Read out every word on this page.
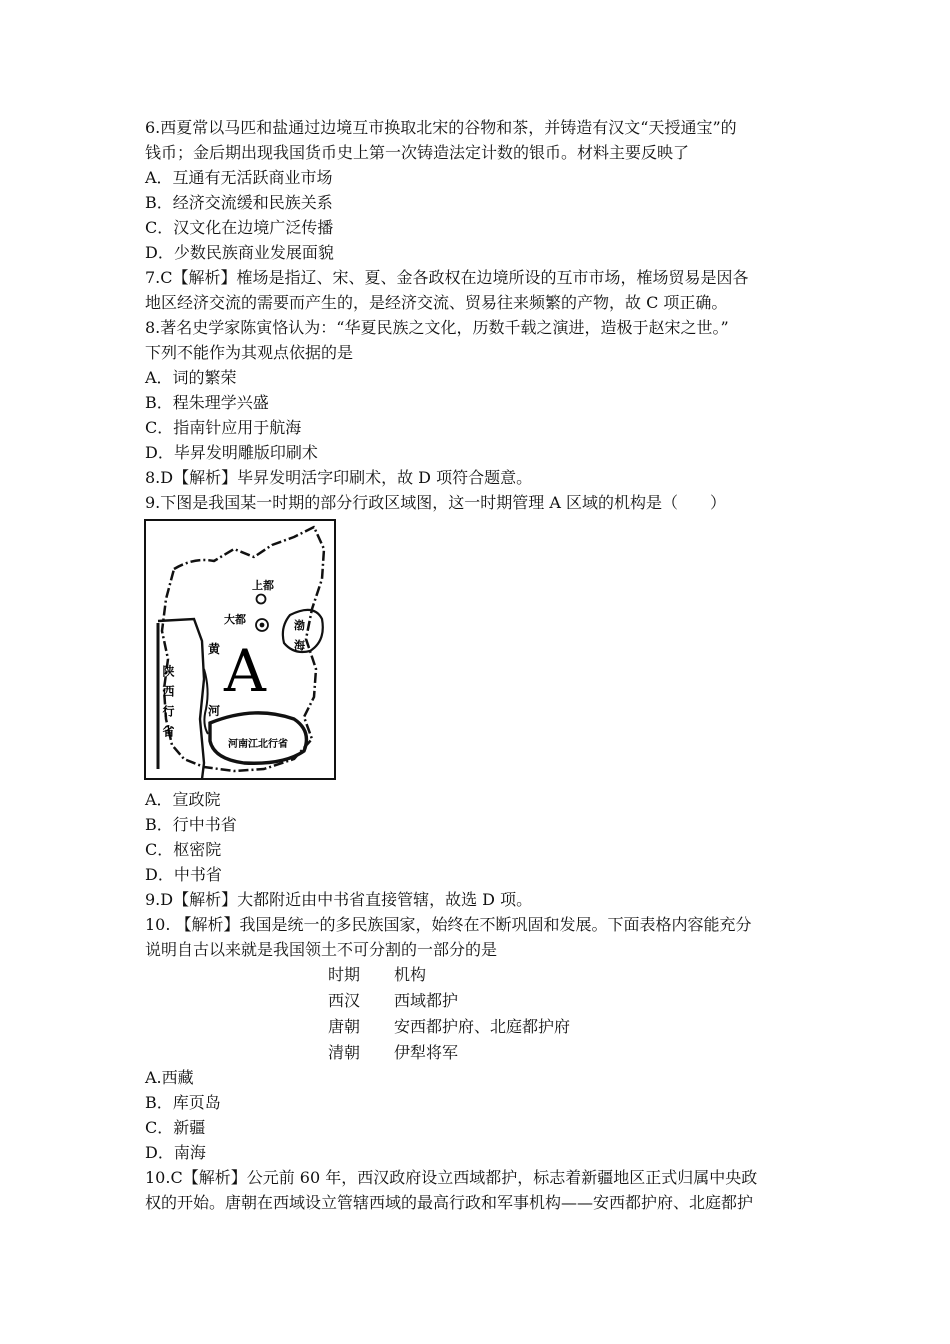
6.西夏常以马匹和盐通过边境互市换取北宋的谷物和茶，并铸造有汉文“天授通宝”的
钱币；金后期出现我国货币史上第一次铸造法定计数的银币。材料主要反映了
A．互通有无活跃商业市场
B．经济交流缓和民族关系
C．汉文化在边境广泛传播
D．少数民族商业发展面貌
7.C【解析】榷场是指辽、宋、夏、金各政权在边境所设的互市市场，榷场贸易是因各
地区经济交流的需要而产生的，是经济交流、贸易往来频繁的产物，故 C 项正确。
8.著名史学家陈寅恪认为：“华夏民族之文化，历数千载之演进，造极于赵宋之世。”
下列不能作为其观点依据的是
A．词的繁荣
B．程朱理学兴盛
C．指南针应用于航海
D．毕昇发明雕版印刷术
8.D【解析】毕昇发明活字印刷术，故 D 项符合题意。
9.下图是我国某一时期的部分行政区域图，这一时期管理 A 区域的机构是（　　）
上都
大都	渤
海
黄
河
A
陕西行省	河南江北行省
A．宣政院
B．行中书省
C．枢密院
D．中书省
9.D【解析】大都附近由中书省直接管辖，故选 D 项。
10. 【解析】我国是统一的多民族国家，始终在不断巩固和发展。下面表格内容能充分
说明自古以来就是我国领土不可分割的一部分的是
时期 机构
西汉 西域都护
唐朝 安西都护府、北庭都护府
清朝 伊犁将军
A.西藏
B．库页岛
C．新疆
D．南海
10.C【解析】公元前 60 年，西汉政府设立西域都护，标志着新疆地区正式归属中央政
权的开始。唐朝在西域设立管辖西域的最高行政和军事机构——安西都护府、北庭都护
